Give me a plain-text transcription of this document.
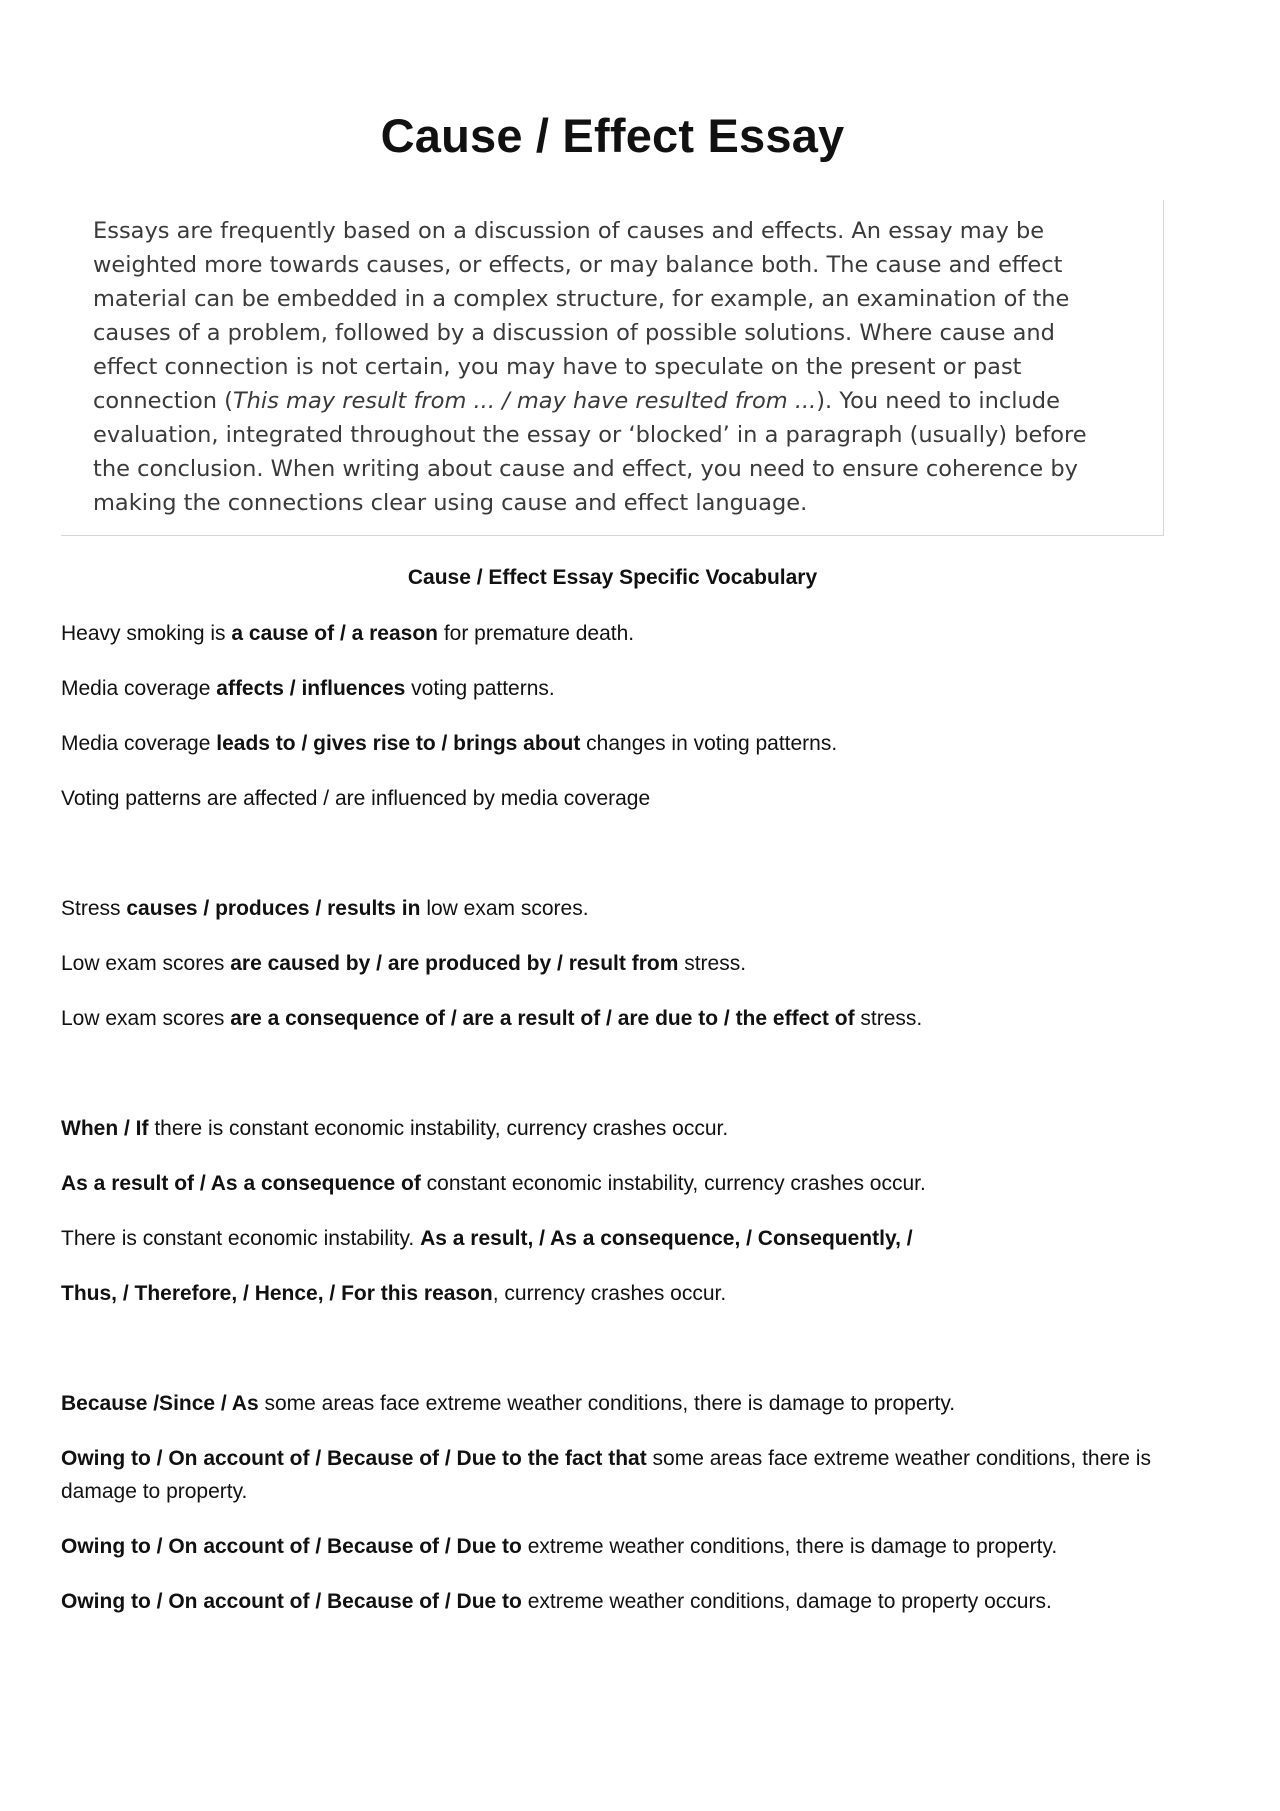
Cause / Effect Essay

Essays are frequently based on a discussion of causes and effects. An essay may be weighted more towards causes, or effects, or may balance both. The cause and effect material can be embedded in a complex structure, for example, an examination of the causes of a problem, followed by a discussion of possible solutions. Where cause and effect connection is not certain, you may have to speculate on the present or past connection (This may result from ... / may have resulted from ...). You need to include evaluation, integrated throughout the essay or ‘blocked’ in a paragraph (usually) before the conclusion. When writing about cause and effect, you need to ensure coherence by making the connections clear using cause and effect language.

Cause / Effect Essay Specific Vocabulary

Heavy smoking is a cause of / a reason for premature death.

Media coverage affects / influences voting patterns.

Media coverage leads to / gives rise to / brings about changes in voting patterns.

Voting patterns are affected / are influenced by media coverage

Stress causes / produces / results in low exam scores.

Low exam scores are caused by / are produced by / result from stress.

Low exam scores are a consequence of / are a result of / are due to / the effect of stress.

When / If there is constant economic instability, currency crashes occur.

As a result of / As a consequence of constant economic instability, currency crashes occur.

There is constant economic instability. As a result, / As a consequence, / Consequently, /

Thus, / Therefore, / Hence, / For this reason, currency crashes occur.

Because /Since / As some areas face extreme weather conditions, there is damage to property.

Owing to / On account of / Because of / Due to the fact that some areas face extreme weather conditions, there is damage to property.

Owing to / On account of / Because of / Due to extreme weather conditions, there is damage to property.

Owing to / On account of / Because of / Due to extreme weather conditions, damage to property occurs.
